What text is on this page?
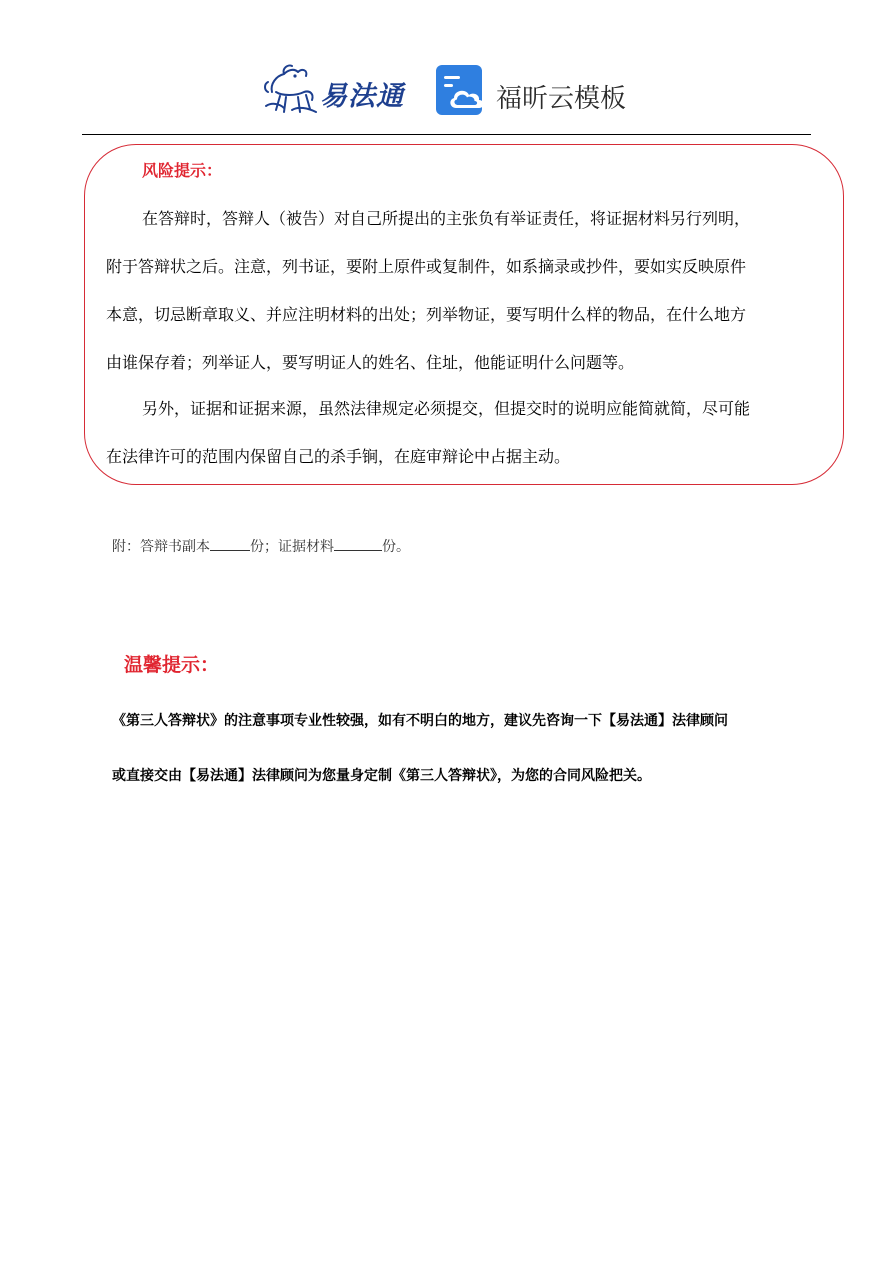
易法通	福昕云模板
风险提示：
在答辩时，答辩人（被告）对自己所提出的主张负有举证责任，将证据材料另行列明，
附于答辩状之后。注意，列书证，要附上原件或复制件，如系摘录或抄件，要如实反映原件
本意，切忌断章取义、并应注明材料的出处；列举物证，要写明什么样的物品，在什么地方
由谁保存着；列举证人，要写明证人的姓名、住址，他能证明什么问题等。
另外，证据和证据来源，虽然法律规定必须提交，但提交时的说明应能简就简，尽可能
在法律许可的范围内保留自己的杀手锏，在庭审辩论中占据主动。
附：答辩书副本	份；证据材料	份。
温馨提示：
《第三人答辩状》的注意事项专业性较强，如有不明白的地方，建议先咨询一下【易法通】法律顾问
或直接交由【易法通】法律顾问为您量身定制《第三人答辩状》，为您的合同风险把关。
